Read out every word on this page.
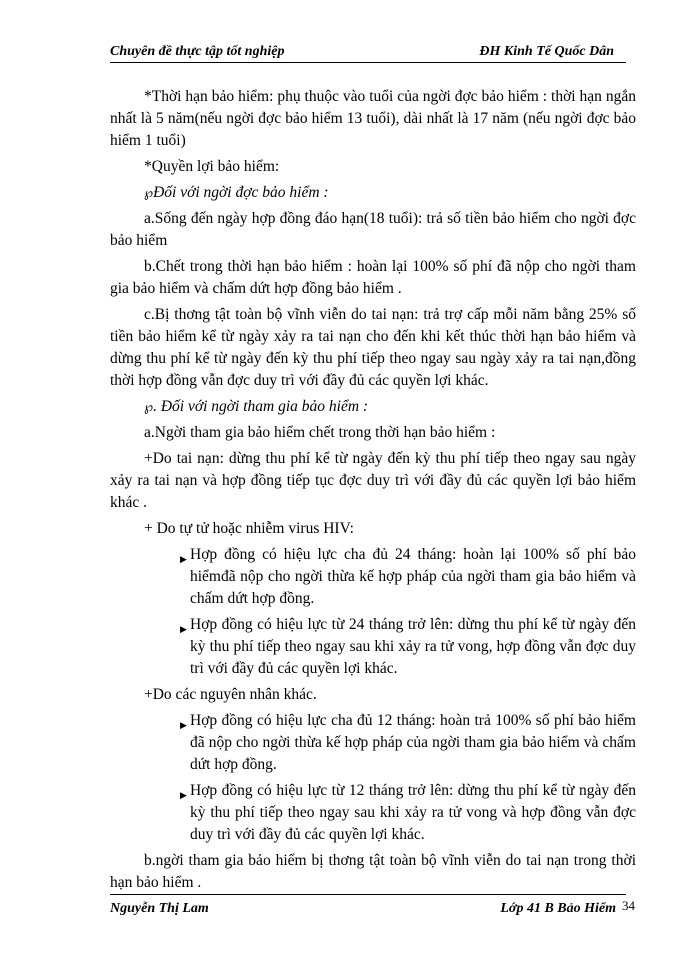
Chuyên đề thực tập tốt nghiệp	ĐH Kinh Tế Quốc Dân

*Thời hạn bảo hiểm: phụ thuộc vào tuổi của ngời đợc bảo hiểm : thời hạn ngắn nhất là 5 năm(nếu ngời đợc bảo hiểm 13 tuổi), dài nhất là 17 năm (nếu ngời đợc bảo hiểm 1 tuổi)

*Quyền lợi bảo hiểm:

℘Đối với ngời đợc bảo hiểm :

a.Sống đến ngày hợp đồng đáo hạn(18 tuổi): trả số tiền bảo hiểm cho ngời đợc bảo hiểm

b.Chết trong thời hạn bảo hiểm : hoàn lại 100% số phí đã nộp cho ngời tham gia bảo hiểm và chấm dứt hợp đồng bảo hiểm .

c.Bị thơng tật toàn bộ vĩnh viễn do tai nạn: trả trợ cấp mỗi năm bằng 25% số tiền bảo hiểm kể từ ngày xảy ra tai nạn cho đến khi kết thúc thời hạn bảo hiểm và dừng thu phí kể từ ngày đến kỳ thu phí tiếp theo ngay sau ngày xảy ra tai nạn,đồng thời hợp đồng vẫn đợc duy trì với đầy đủ các quyền lợi khác.

℘. Đối với ngời tham gia bảo hiểm :

a.Ngời tham gia bảo hiểm chết trong thời hạn bảo hiểm :

+Do tai nạn: dừng thu phí kể từ ngày đến kỳ thu phí tiếp theo ngay sau ngày xảy ra tai nạn và hợp đồng tiếp tục đợc duy trì với đầy đủ các quyền lợi bảo hiểm khác .

+ Do tự tử hoặc nhiễm virus HIV:

▶ Hợp đồng có hiệu lực cha đủ 24 tháng: hoàn lại 100% số phí bảo hiểmđã nộp cho ngời thừa kế hợp pháp của ngời tham gia bảo hiểm và chấm dứt hợp đồng.

▶ Hợp đồng có hiệu lực từ 24 tháng trở lên: dừng thu phí kể từ ngày đến kỳ thu phí tiếp theo ngay sau khi xảy ra tử vong, hợp đồng vẫn đợc duy trì với đầy đủ các quyền lợi khác.

+Do các nguyên nhân khác.

▶ Hợp đồng có hiệu lực cha đủ 12 tháng: hoàn trả 100% số phí bảo hiểm đã nộp cho ngời thừa kế hợp pháp của ngời tham gia bảo hiểm và chấm dứt hợp đồng.

▶ Hợp đồng có hiệu lực từ 12 tháng trở lên: dừng thu phí kể từ ngày đến kỳ thu phí tiếp theo ngay sau khi xảy ra tử vong và hợp đồng vẫn đợc duy trì với đầy đủ các quyền lợi khác.

b.ngời tham gia bảo hiểm bị thơng tật toàn bộ vĩnh viễn do tai nạn trong thời hạn bảo hiểm .

Nguyễn Thị Lam	Lớp 41 B Bảo Hiểm 34
